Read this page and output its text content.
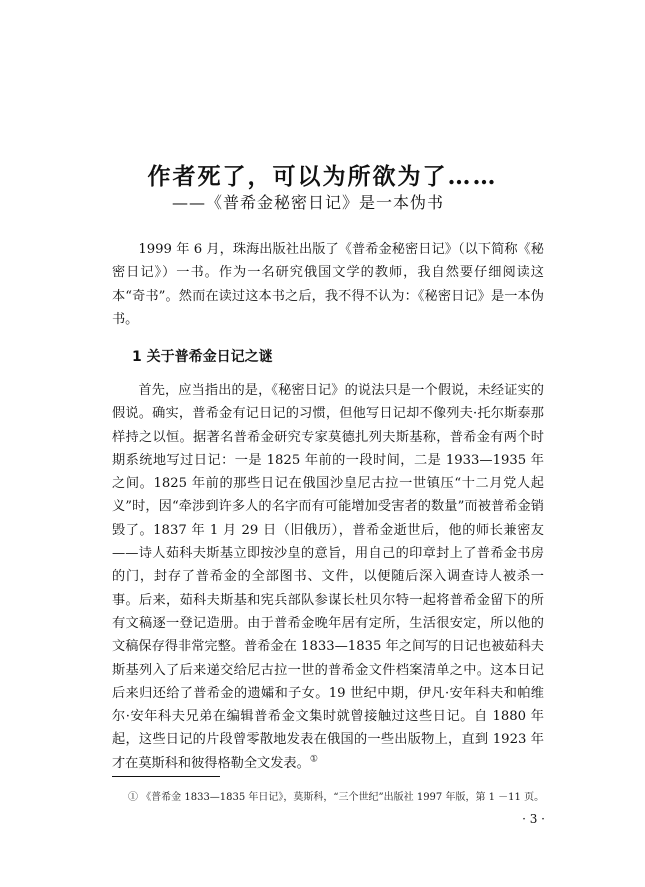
作者死了，可以为所欲为了……
——《普希金秘密日记》是一本伪书

1999 年 6 月，珠海出版社出版了《普希金秘密日记》（以下简称《秘密日记》）一书。作为一名研究俄国文学的教师，我自然要仔细阅读这本“奇书”。然而在读过这本书之后，我不得不认为：《秘密日记》是一本伪书。

1 关于普希金日记之谜

首先，应当指出的是，《秘密日记》的说法只是一个假说，未经证实的假说。确实，普希金有记日记的习惯，但他写日记却不像列夫·托尔斯泰那样持之以恒。据著名普希金研究专家莫德扎列夫斯基称，普希金有两个时期系统地写过日记：一是 1825 年前的一段时间，二是 1933—1935 年之间。1825 年前的那些日记在俄国沙皇尼古拉一世镇压“十二月党人起义”时，因“牵涉到许多人的名字而有可能增加受害者的数量”而被普希金销毁了。1837 年 1 月 29 日（旧俄历），普希金逝世后，他的师长兼密友——诗人茹科夫斯基立即按沙皇的意旨，用自己的印章封上了普希金书房的门，封存了普希金的全部图书、文件，以便随后深入调查诗人被杀一事。后来，茹科夫斯基和宪兵部队参谋长杜贝尔特一起将普希金留下的所有文稿逐一登记造册。由于普希金晚年居有定所，生活很安定，所以他的文稿保存得非常完整。普希金在 1833—1835 年之间写的日记也被茹科夫斯基列入了后来递交给尼古拉一世的普希金文件档案清单之中。这本日记后来归还给了普希金的遗孀和子女。19 世纪中期，伊凡·安年科夫和帕维尔·安年科夫兄弟在编辑普希金文集时就曾接触过这些日记。自 1880 年起，这些日记的片段曾零散地发表在俄国的一些出版物上，直到 1923 年才在莫斯科和彼得格勒全文发表。①

① 《普希金 1833—1835 年日记》，莫斯科，“三个世纪”出版社 1997 年版，第 1 －11 页。
· 3 ·
